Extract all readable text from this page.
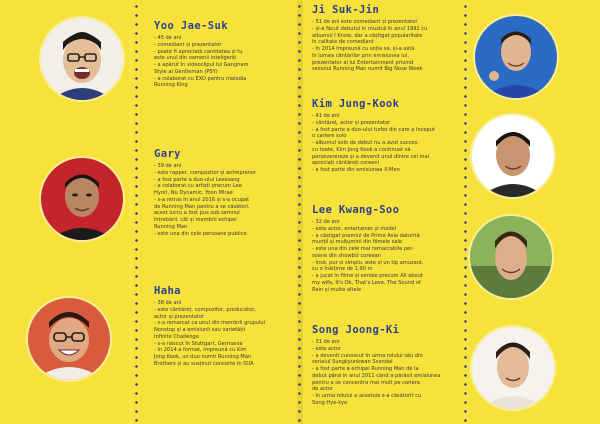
Yoo Jae-Suk
- 45 de ani
- comediant și prezentator
- poate fi apreciată cantitatea și tu
este unul din oamenii inteligenți
- a apărut în videoclipul lui Gangnam
Style al Gentleman (PSY)
- a colaborat cu EXO pentru melodia
Running King
Gary
- 39 de ani
- este rapper, compozitor și antreprenor
- a fost parte a duo-ului Leessang
- a colaborat cu artiști precum Lee
Hyori, Nu Dynamic, Yoon Mirae
- s-a retras în anul 2016 și s-a ocupat
de Running Man pentru a se căsători,
acest lucru a fost pus sub semnul
întrebării, cât și membrii echipei
Running Man
- este una din cele persoane publice
Haha
- 38 de ani
- este cântăreț, compozitor, producător,
actor și prezentator
- s-a remarcat ca unul din membrii grupului
Nonstop și a emisiunii sau varietății
Infinite Challenge
- s-a născut în Stuttgart, Germania
- în 2014 a format, împreună cu Kim
Jong Kook, un duo numit Running Man
Brothers și au susținut concerte în SUA
Ji Suk-Jin
- 51 de ani este comediant și prezentator
- și-a făcut debutul în muzică în anul 1992 cu
albumul I Know, dar a câștigat popularitate
în calitate de comediant
- în 2014 împreună cu soția sa, și-a astă
în lumea cântărilor prin emisiunea lui,
prezentator al lui Entertainment privind
sezonul Running Man numit Big Nose Week
Kim Jung-Kook
- 41 de ani
- cântăreț, actor și prezentator
- a fost parte a duo-ului turbo din care a început
o cariere solo
- albumul solo de debut nu a avut succes,
cu toate, Kim Jong Kook a continuat să
perseverereze și a devenit unul dintre cei mai
apreciați cântăreți coreeni
- a fost parte din emisiunea X-Men
Lee Kwang-Soo
- 32 de ani
- este actor, entertainer și model
- a câștigat premiul de Prima Asia datorită
munții și mulțumirii din filmele sale
- este una din cele mai remarcabile per-
soane din showbiz coreean
- însă, pur și simplu, este și un tip amuzant,
cu o înălțime de 1,90 m
- a jucat în filme și seriale precum All about
my wife, It's Ok, That's Love, The Sound of
Rain și multe altele
Song Joong-Ki
- 31 de ani
- este actor
- a devenit cunoscut în urma rolului său din
serialul Sungkyunkwan Scandal
- a fost parte a echipei Running Man de la
debut până în anul 2011 când a părăsit emisiunea
pentru a se concentra mai mult pe cariera
de actor
- în urma rolului a acestuia s-a căsătorit cu
Song Hye-kyo
